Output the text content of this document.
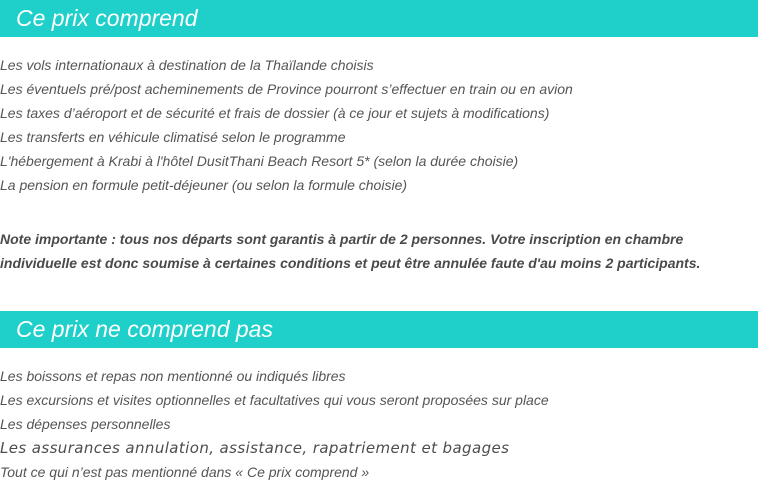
Ce prix comprend
Les vols internationaux à destination de la Thaïlande choisis
Les éventuels pré/post acheminements de Province pourront s’effectuer en train ou en avion
Les taxes d’aéroport et de sécurité et frais de dossier (à ce jour et sujets à modifications)
Les transferts en véhicule climatisé selon le programme
L'hébergement à Krabi à l'hôtel DusitThani Beach Resort 5* (selon la durée choisie)
La pension en formule petit-déjeuner (ou selon la formule choisie)

Note importante : tous nos départs sont garantis à partir de 2 personnes. Votre inscription en chambre individuelle est donc soumise à certaines conditions et peut être annulée faute d'au moins 2 participants.

Ce prix ne comprend pas
Les boissons et repas non mentionné ou indiqués libres
Les excursions et visites optionnelles et facultatives qui vous seront proposées sur place
Les dépenses personnelles
Les assurances annulation, assistance, rapatriement et bagages
Tout ce qui n’est pas mentionné dans « Ce prix comprend »
